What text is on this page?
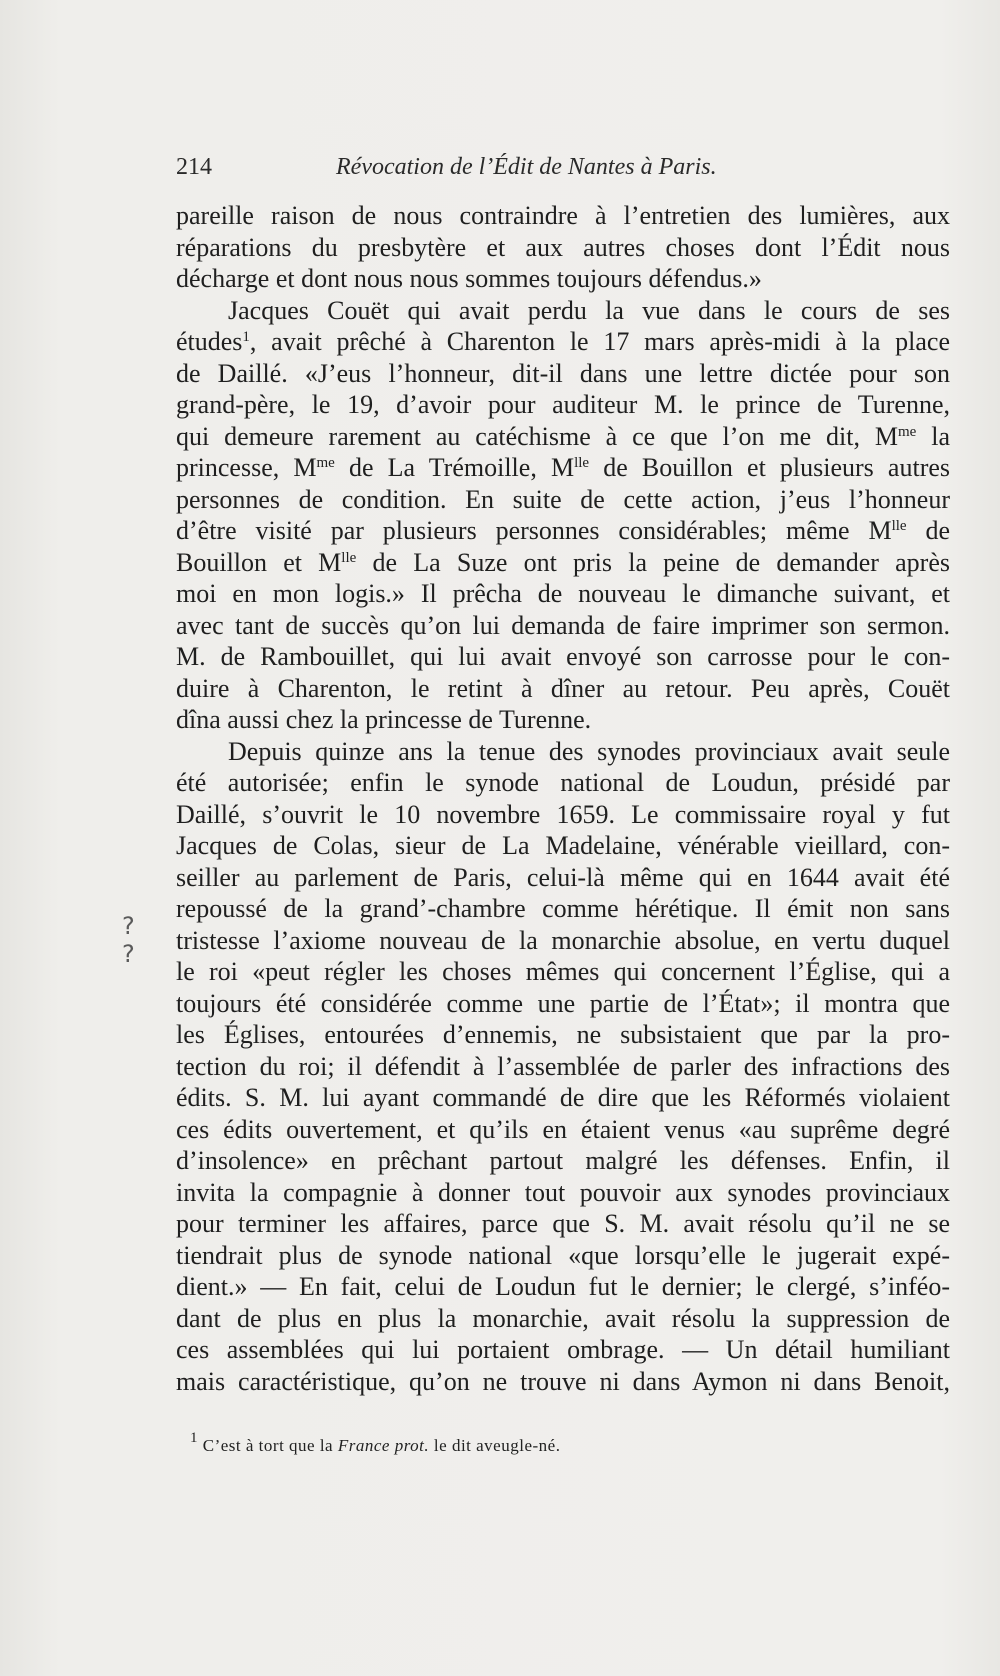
214	Révocation de l’Édit de Nantes à Paris.
? ?
pareille raison de nous contraindre à l’entretien des lumières, aux
réparations du presbytère et aux autres choses dont l’Édit nous
décharge et dont nous nous sommes toujours défendus.»
Jacques Couët qui avait perdu la vue dans le cours de ses
études$^1$, avait prêché à Charenton le 17 mars après-midi à la place
de Daillé. «J’eus l’honneur, dit-il dans une lettre dictée pour son
grand-père, le 19, d’avoir pour auditeur M. le prince de Turenne,
qui demeure rarement au catéchisme à ce que l’on me dit, $M^{me}$ la
princesse, $M^{me}$ de La Trémoille, $M^{lle}$ de Bouillon et plusieurs autres
personnes de condition. En suite de cette action, j’eus l’honneur
d’être visité par plusieurs personnes considérables; même $M^{lle}$ de
Bouillon et $M^{lle}$ de La Suze ont pris la peine de demander après
moi en mon logis.» Il prêcha de nouveau le dimanche suivant, et
avec tant de succès qu’on lui demanda de faire imprimer son sermon.
M. de Rambouillet, qui lui avait envoyé son carrosse pour le con-
duire à Charenton, le retint à dîner au retour. Peu après, Couët
dîna aussi chez la princesse de Turenne.
Depuis quinze ans la tenue des synodes provinciaux avait seule
été autorisée; enfin le synode national de Loudun, présidé par
Daillé, s’ouvrit le 10 novembre 1659. Le commissaire royal y fut
Jacques de Colas, sieur de La Madelaine, vénérable vieillard, con-
seiller au parlement de Paris, celui-là même qui en 1644 avait été
repoussé de la grand’-chambre comme hérétique. Il émit non sans
tristesse l’axiome nouveau de la monarchie absolue, en vertu duquel
le roi «peut régler les choses mêmes qui concernent l’Église, qui a
toujours été considérée comme une partie de l’État»; il montra que
les Églises, entourées d’ennemis, ne subsistaient que par la pro-
tection du roi; il défendit à l’assemblée de parler des infractions des
édits. S. M. lui ayant commandé de dire que les Réformés violaient
ces édits ouvertement, et qu’ils en étaient venus «au suprême degré
d’insolence» en prêchant partout malgré les défenses. Enfin, il
invita la compagnie à donner tout pouvoir aux synodes provinciaux
pour terminer les affaires, parce que S. M. avait résolu qu’il ne se
tiendrait plus de synode national «que lorsqu’elle le jugerait expé-
dient.» — En fait, celui de Loudun fut le dernier; le clergé, s’inféo-
dant de plus en plus la monarchie, avait résolu la suppression de
ces assemblées qui lui portaient ombrage. — Un détail humiliant
mais caractéristique, qu’on ne trouve ni dans Aymon ni dans Benoit,
$^1$ C’est à tort que la France prot. le dit aveugle-né.
